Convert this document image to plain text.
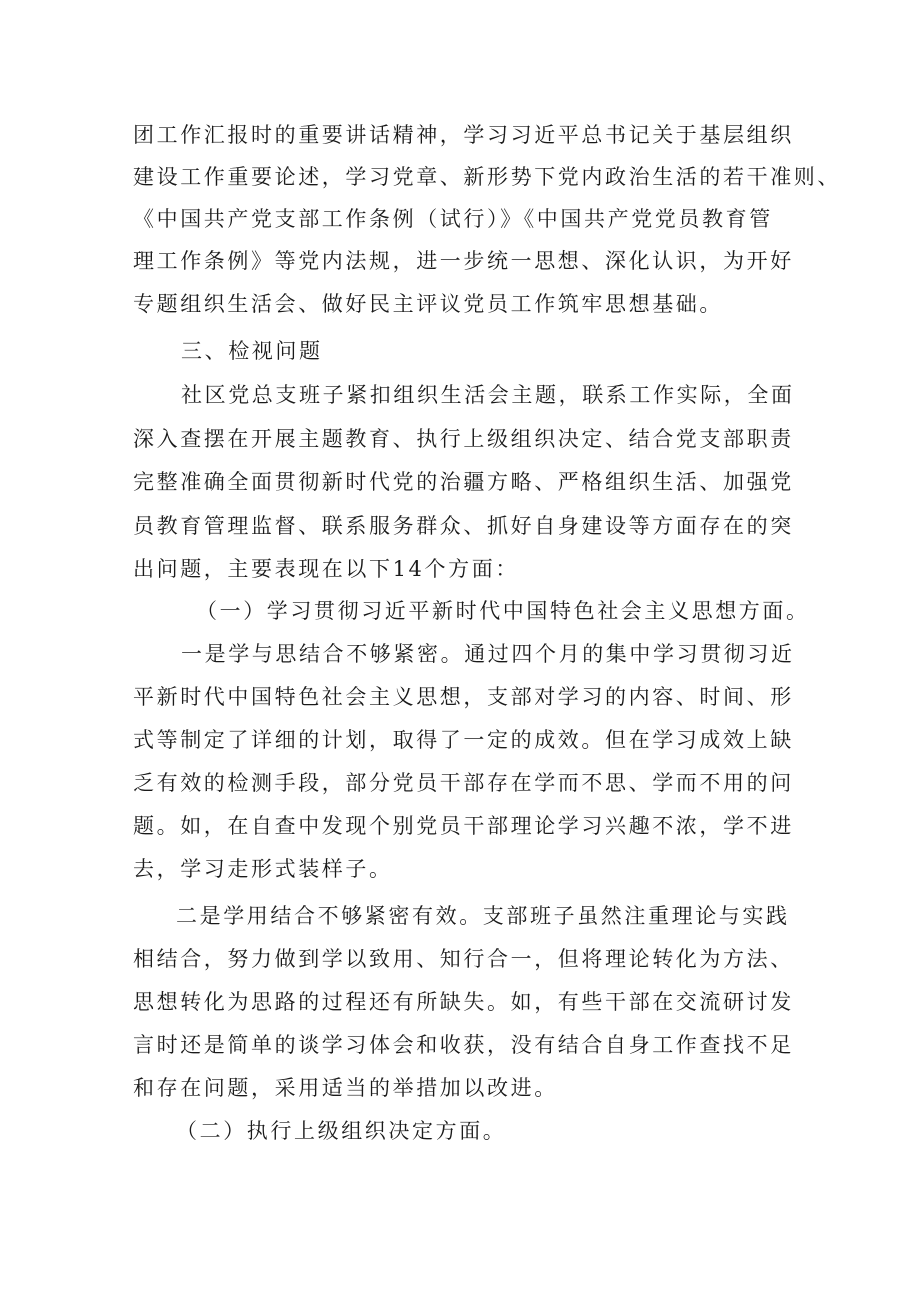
团工作汇报时的重要讲话精神，学习习近平总书记关于基层组织
建设工作重要论述，学习党章、新形势下党内政治生活的若干准则、
《中国共产党支部工作条例（试行）》《中国共产党党员教育管
理工作条例》等党内法规，进一步统一思想、深化认识，为开好
专题组织生活会、做好民主评议党员工作筑牢思想基础。
三、检视问题
社区党总支班子紧扣组织生活会主题，联系工作实际，全面
深入查摆在开展主题教育、执行上级组织决定、结合党支部职责
完整准确全面贯彻新时代党的治疆方略、严格组织生活、加强党
员教育管理监督、联系服务群众、抓好自身建设等方面存在的突
出问题，主要表现在以下14个方面：
（一）学习贯彻习近平新时代中国特色社会主义思想方面。
一是学与思结合不够紧密。通过四个月的集中学习贯彻习近
平新时代中国特色社会主义思想，支部对学习的内容、时间、形
式等制定了详细的计划，取得了一定的成效。但在学习成效上缺
乏有效的检测手段，部分党员干部存在学而不思、学而不用的问
题。如，在自查中发现个别党员干部理论学习兴趣不浓，学不进
去，学习走形式装样子。
二是学用结合不够紧密有效。支部班子虽然注重理论与实践
相结合，努力做到学以致用、知行合一，但将理论转化为方法、
思想转化为思路的过程还有所缺失。如，有些干部在交流研讨发
言时还是简单的谈学习体会和收获，没有结合自身工作查找不足
和存在问题，采用适当的举措加以改进。
（二）执行上级组织决定方面。
